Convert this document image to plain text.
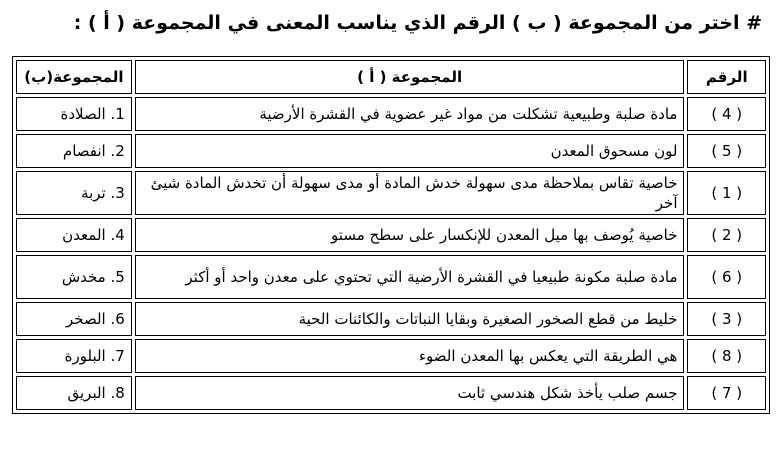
# اختر من المجموعة ( ب ) الرقم الذي يناسب المعنى في المجموعة ( أ ) :
الرقم	المجموعة ( أ )	المجموعة(ب)
( 4 )	مادة صلبة وطبيعية تشكلت من مواد غير عضوية في القشرة الأرضية	1. الصلادة
( 5 )	لون مسحوق المعدن	2. انفصام
( 1 )	خاصية تقاس بملاحظة مدى سهولة خدش المادة أو مدى سهولة أن تخدش المادة شيئ آخر	3. تربة
( 2 )	خاصية يُوصف بها ميل المعدن للإنكسار على سطح مستو	4. المعدن
( 6 )	مادة صلبة مكونة طبيعيا في القشرة الأرضية التي تحتوي على معدن واحد أو أكثر	5. مخدش
( 3 )	خليط من قطع الصخور الصغيرة وبقايا النباتات والكائنات الحية	6. الصخر
( 8 )	هي الطريقة التي يعكس بها المعدن الضوء	7. البلورة
( 7 )	جسم صلب يأخذ شكل هندسي ثابت	8. البريق
